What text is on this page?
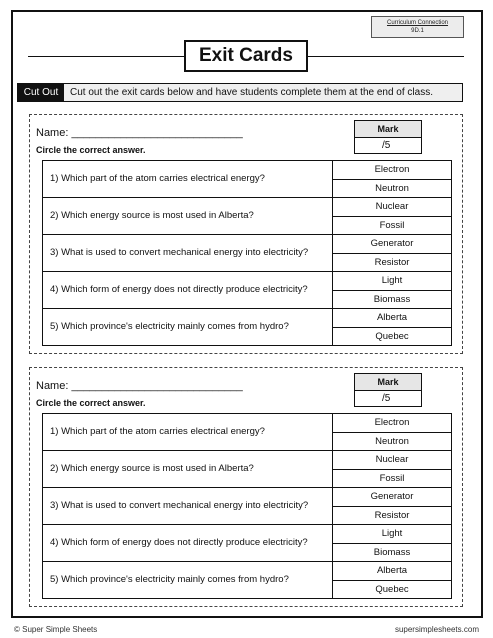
Curriculum Connection
9D.1
Exit Cards
Cut Out	Cut out the exit cards below and have students complete them at the end of class.
Name: ____________________________
Circle the correct answer.
Mark
/5
1) Which part of the atom carries electrical energy?	Electron
	Neutron
2) Which energy source is most used in Alberta?	Nuclear
	Fossil
3) What is used to convert mechanical energy into electricity?	Generator
	Resistor
4) Which form of energy does not directly produce electricity?	Light
	Biomass
5) Which province's electricity mainly comes from hydro?	Alberta
	Quebec
Name: ____________________________
Circle the correct answer.
Mark
/5
1) Which part of the atom carries electrical energy?	Electron
	Neutron
2) Which energy source is most used in Alberta?	Nuclear
	Fossil
3) What is used to convert mechanical energy into electricity?	Generator
	Resistor
4) Which form of energy does not directly produce electricity?	Light
	Biomass
5) Which province's electricity mainly comes from hydro?	Alberta
	Quebec
© Super Simple Sheets	supersimplesheets.com
